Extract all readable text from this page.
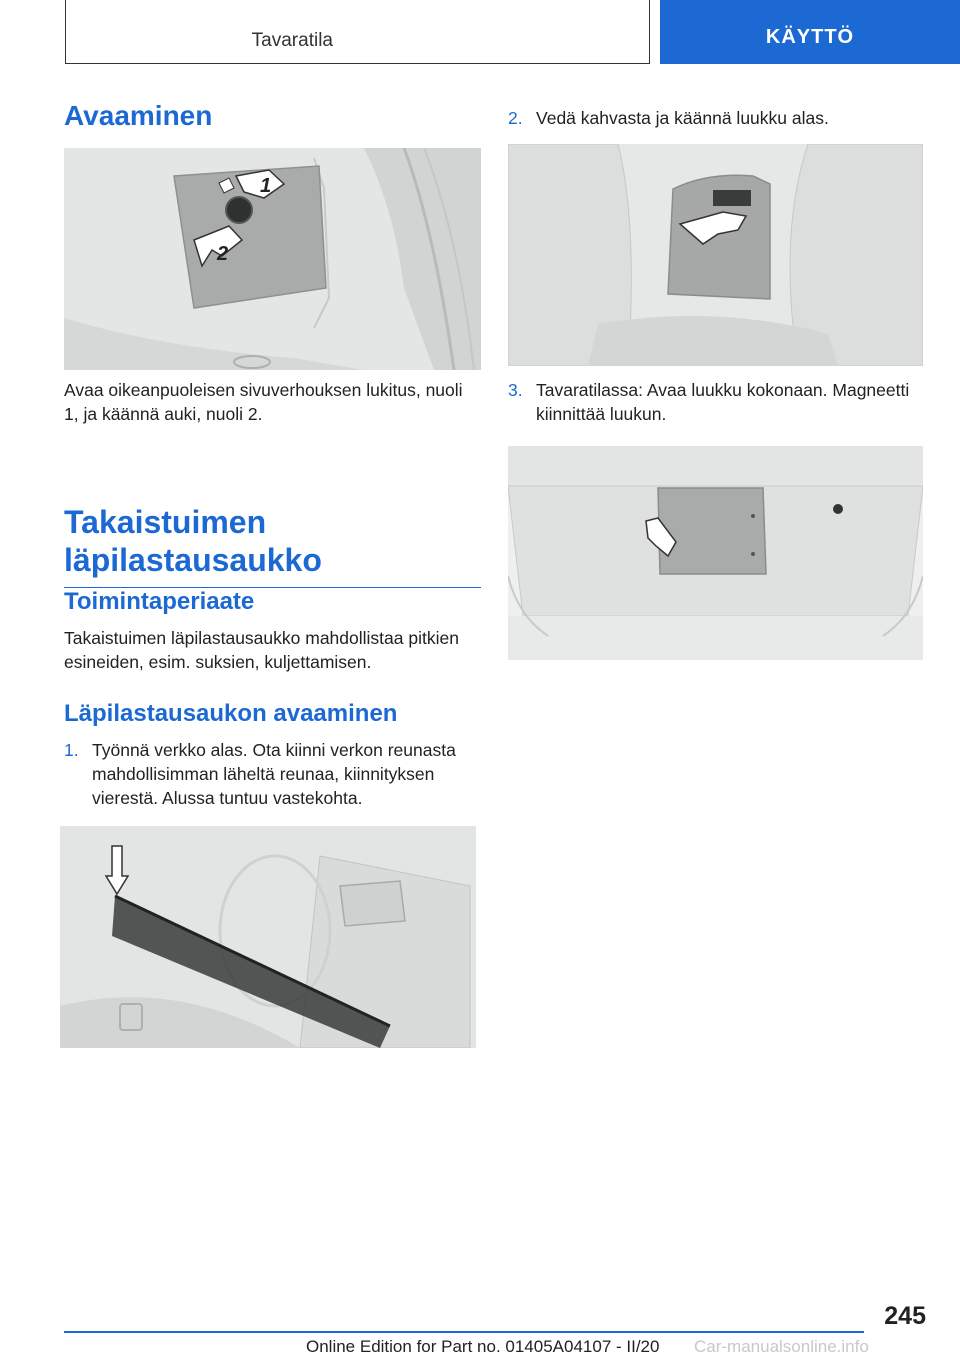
Tavaratila	KÄYTTÖ
Avaaminen
1
2

Avaa oikeanpuoleisen sivuverhouksen lukitus, nuoli 1, ja käännä auki, nuoli 2.

Takaistuimen läpilastausaukko
Toimintaperiaate

Takaistuimen läpilastausaukko mahdollistaa pitkien esineiden, esim. suksien, kuljettamisen.

Läpilastausaukon avaaminen
1. Työnnä verkko alas. Ota kiinni verkon reunasta mahdollisimman läheltä reunaa, kiinnityksen vierestä. Alussa tuntuu vastekohta.
2. Vedä kahvasta ja käännä luukku alas.
3. Tavaratilassa: Avaa luukku kokonaan. Magneetti kiinnittää luukun.
245
Online Edition for Part no. 01405A04107 - II/20 Car-manualsonline.info
